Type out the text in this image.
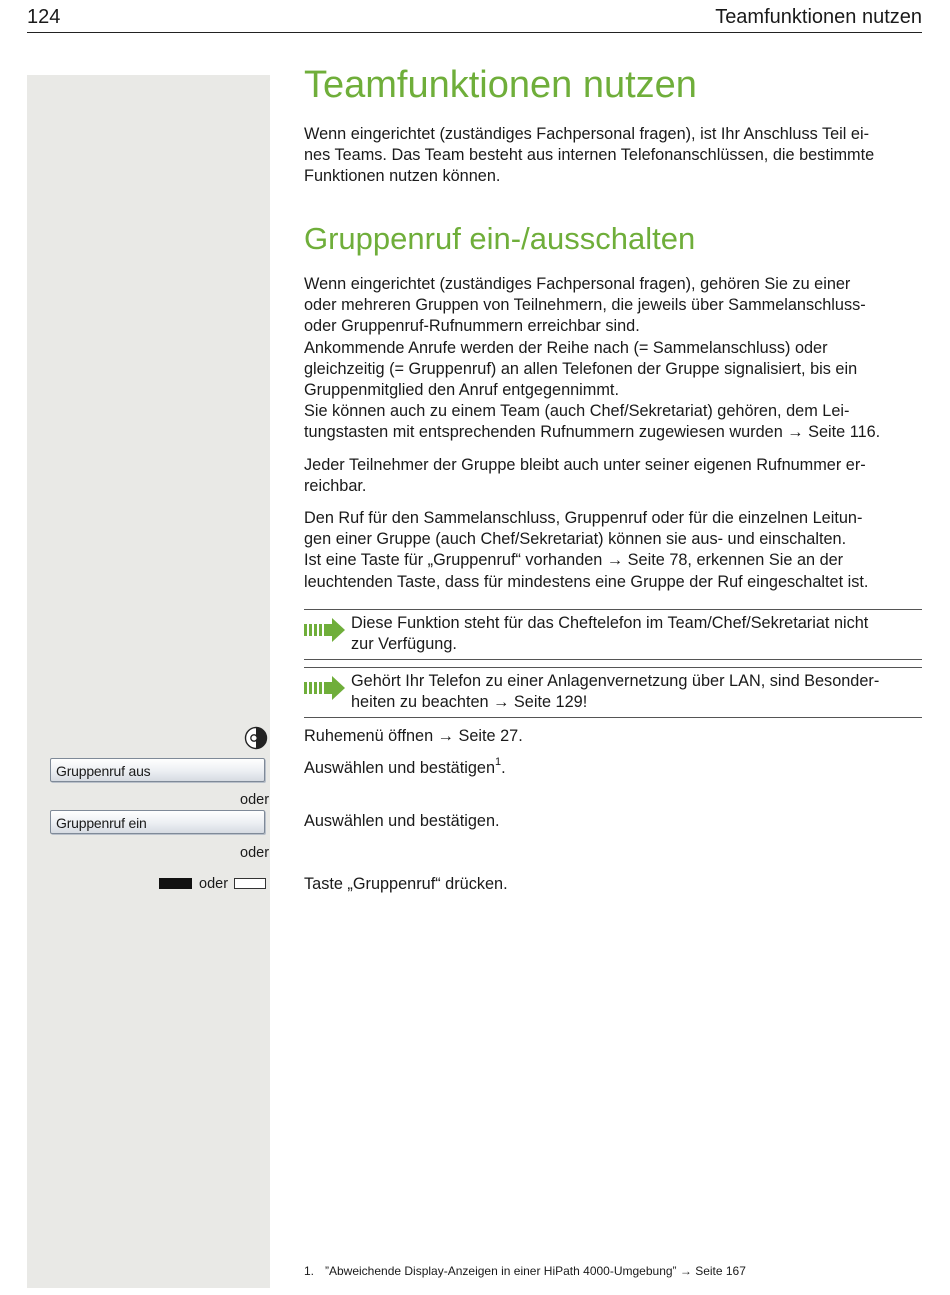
124	Teamfunktionen nutzen
Teamfunktionen nutzen

Wenn eingerichtet (zuständiges Fachpersonal fragen), ist Ihr Anschluss Teil ei-
nes Teams. Das Team besteht aus internen Telefonanschlüssen, die bestimmte
Funktionen nutzen können.

Gruppenruf ein-/ausschalten

Wenn eingerichtet (zuständiges Fachpersonal fragen), gehören Sie zu einer
oder mehreren Gruppen von Teilnehmern, die jeweils über Sammelanschluss-
oder Gruppenruf-Rufnummern erreichbar sind.
Ankommende Anrufe werden der Reihe nach (= Sammelanschluss) oder
gleichzeitig (= Gruppenruf) an allen Telefonen der Gruppe signalisiert, bis ein
Gruppenmitglied den Anruf entgegennimmt.
Sie können auch zu einem Team (auch Chef/Sekretariat) gehören, dem Lei-
tungstasten mit entsprechenden Rufnummern zugewiesen wurden → Seite 116.

Jeder Teilnehmer der Gruppe bleibt auch unter seiner eigenen Rufnummer er-
reichbar.

Den Ruf für den Sammelanschluss, Gruppenruf oder für die einzelnen Leitun-
gen einer Gruppe (auch Chef/Sekretariat) können sie aus- und einschalten.
Ist eine Taste für „Gruppenruf“ vorhanden → Seite 78, erkennen Sie an der
leuchtenden Taste, dass für mindestens eine Gruppe der Ruf eingeschaltet ist.

Diese Funktion steht für das Cheftelefon im Team/Chef/Sekretariat nicht
zur Verfügung.
Gehört Ihr Telefon zu einer Anlagenvernetzung über LAN, sind Besonder-
heiten zu beachten → Seite 129!
Ruhemenü öffnen → Seite 27.
Gruppenruf aus	Auswählen und bestätigen$^1$.
oder
Gruppenruf ein	Auswählen und bestätigen.
oder
oder	Taste „Gruppenruf“ drücken.
1. ”Abweichende Display-Anzeigen in einer HiPath 4000-Umgebung” → Seite 167
